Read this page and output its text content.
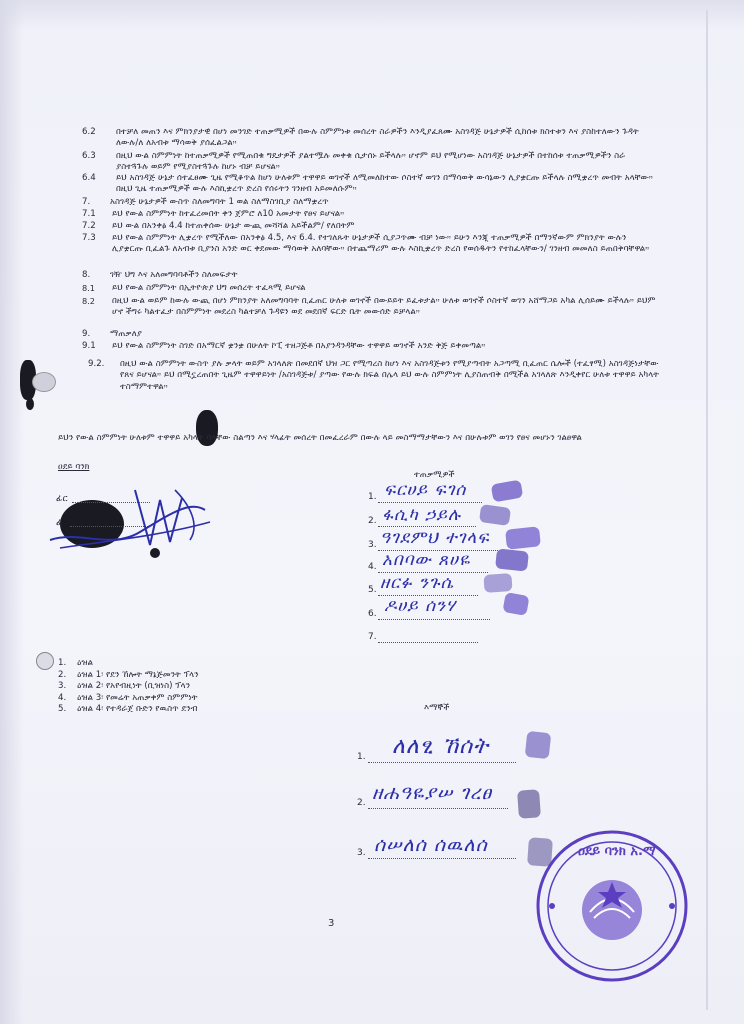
6.2 በተቻለ መጠን እና ምክንያታዊ በሆነ መንገድ ተጠቃሚዎች በውሉ ስምምነቱ መሰረት ስራዎችን እንዲያፈጸሙ አስገዳጅ ሁኔታዎች ሲከሰቱ ክስተቱን እና ያስከተለውን ጉዳት ለውሉ/ለ ለአብቱ ማሳወቅ ያሰፈልጋል።
6.3 በዚህ ውል ስምምነት ከተጠቃሚዎች የሚጠበቁ ግዴታዎች ያልተሟሉ መቀቁ ሲታሰኑ ይችላሉ። ሆኖም ይህ የሚሆነው አስገዳጅ ሁኔታዎች በተከሰቱ ተጠቃሚዎችን ስራ ያስተጓጉሉ ወይም የሚያስተጓጉሉ ከሆኑ ብቻ ይሆናል።
6.4 ይህ አስገዳጅ ሁኔታ ሰተፈፀሙ ጊዜ የሚቆጥል ከሆነ ሁለቱም ተዋዋይ ወገኖች ለሚመለከተው ሶስተኛ ወገን በማሳወቅ ውሳኔውን ሊያቋርጡ ይችላሉ ስሚቋረጥ መብት አላቸው። በዚህ ጊዜ ተጠቃሚዎች ውሉ እስኪቋረጥ ድረስ የሰሩትን ገንዘብ አይመለሱም።
7. አስገዳጅ ሁኔታዎች ውስጥ ስለመግባት 1 ወል ስለማስገቢያ ስለማቋረጥ
7.1 ይህ የውል ስምምነት ከተፈረመበት ቀን ጀምሮ ለ10 አመታት የፀና ይሆናል።
7.2 ይህ ውል በአንቀፅ 4.4 ከተጠቀሰው ሁኔታ ውጪ መሻሻል አይችልም/ የለበትም
7.3 ይህ የውል ስምምነት ሊቋረጥ የሚችለው በአንቀፅ 4.5, እና 6.4. የተገለጹት ሁኔታዎች ሲያጋጥሙ ብቻ ነው። ይሁን እንጂ ተጠቃሚዎች በማንኛውም ምክንያት ውሉን ሊያቋርጡ ቢፈልጉ ለአብቱ ቢያንስ አንድ ወር ቀደመው ማሳወቅ አለባቸው። በተጨማሪም ውሉ እስኪቋረጥ ድረስ የወሰዱትን የተከፈላቸውን/ ገንዘብ መመለስ ይጠበቅባቸዋል።
8. ገዥ ህግ እና አለመግባባቶችን ስለመፍታት
8.1 ይህ የውል ስምምነት በኢትዮጵያ ህግ መሰረት ተፈጻሚ ይሆናል
8.2 በዚህ ውል ወይም ከውሉ ውጪ በሆነ ምክንያት አለመግባባት ቢፈጠር ሁለቱ ወገኖች በውይይት ይፈቱታል። ሁለቱ ወገኖች ሶስተኛ ወገን አሸማጋይ አካል ሊሰይሙ ይችላሉ። ይህም ሆኖ ችግሩ ካልተፈታ በስምምነት መደረስ ካልተቻለ ጉዳዩን ወደ መደበኛ ፍርድ ቤት መውሰድ ይቻላል።
9. ማጠቃለያ
9.1 ይህ የውል ስምምነት ስገድ በአማርኛ ቋንቋ በሁለት ኮፒ ተዘጋጅቶ በአያንዳንዳቸው ተዋዋይ ወገኖች አንድ ቅጅ ይቀመጣል።
9.2. በዚህ ውል ስምምነት ውስጥ ያሉ ቃላት ወይም አገላለጽ በመደበኛ ህዝ ጋር የሚጣረስ ከሆነ እና አስገዳጅቱን የሚያጣብት አጋጣሚ ቢፈጠር ሴሎች (ተፈፃሚ) አስገዳጅነታቸው የጸና ይሆናል። ይህ በሚኗረጠበት ጊዜም ተዋዋይነት /አስገዳጅቱ/ ያጣው የውሉ ክፍል በሌላ ይህ ውሉ ስምምነት ሊያስጠብቅ በሚችል አገላለጽ እንዲቀየር ሁለቱ ተዋዋይ አካላት ተስማምተዋል።
ይህን የውል ስምምነት ሁለቱም ተዋዋይ አካላት ባላቸው ስልጣን እና ሃላፊት መሰረት በመፈረራም በውሉ ላይ መስማማታቸውን እና በሁሉቱም ወገን የፀና መሆኑን ገልፀዋል
ዐደይ ባንክ
ፊር
ፊ
ተጠቃሚዎች
1. ፍርሀይ ፍገሰ
2. ፋሲካ ኃይሉ
3. ዓገደምህ ተገላፍ
4. አበባው ጸሀዬ
5. ዘርፉ ንጉሴ
6. ዶሀይ ሰንሃ
7.
1. ዕዝል
2. ዕዝል 1፡ የደን ኸሎት ማኔጅመንት ፕላን
3. ዕዝል 2፡ የአየብዚነት (ቢዝነስ) ፕላን
4. ዕዝል 3፡ የመሬት አጠቃቀም ስምምነት
5. ዕዝል 4፡ የተዳራጀ ቡድን የዉስጥ ደንብ	እማኞች
1. ለለፂ ኸሰት
2. ዘሐዓዬያሠ ገረፀ
3. ሰሠለሰ ሰዉለሰ	ዐደይ ባንክ አ.ማ
3
